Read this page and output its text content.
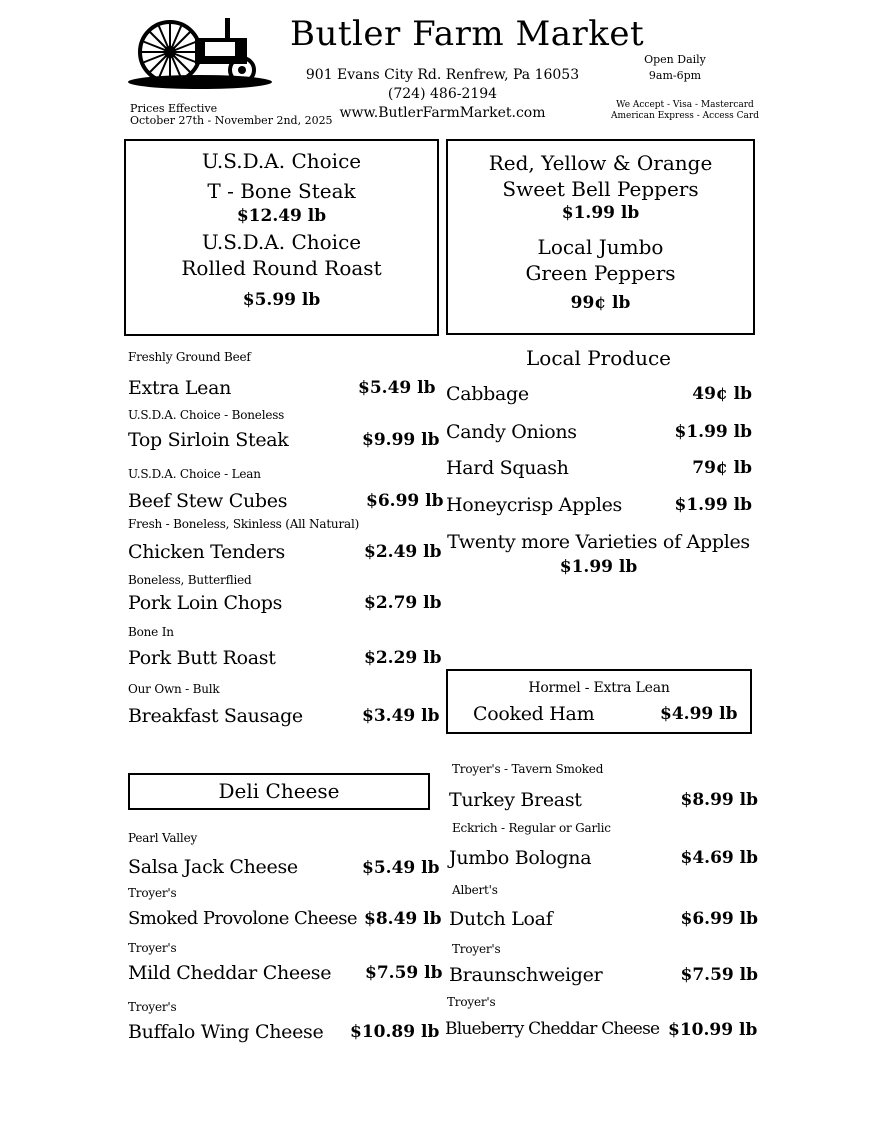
Butler Farm Market
901 Evans City Rd. Renfrew, Pa 16053
(724) 486-2194
www.ButlerFarmMarket.com
Open Daily
9am-6pm
We Accept - Visa - Mastercard
American Express - Access Card
Prices Effective
October 27th - November 2nd, 2025
U.S.D.A. Choice
T - Bone Steak
$12.49 lb
U.S.D.A. Choice
Rolled Round Roast
$5.99 lb
Red, Yellow & Orange
Sweet Bell Peppers
$1.99 lb
Local Jumbo
Green Peppers
99¢ lb
Freshly Ground Beef
Extra Lean	$5.49 lb
U.S.D.A. Choice - Boneless
Top Sirloin Steak	$9.99 lb
U.S.D.A. Choice - Lean
Beef Stew Cubes	$6.99 lb
Fresh - Boneless, Skinless (All Natural)
Chicken Tenders	$2.49 lb
Boneless, Butterflied
Pork Loin Chops	$2.79 lb
Bone In
Pork Butt Roast	$2.29 lb
Our Own - Bulk
Breakfast Sausage	$3.49 lb
Local Produce
Cabbage	49¢ lb
Candy Onions	$1.99 lb
Hard Squash	79¢ lb
Honeycrisp Apples	$1.99 lb
Twenty more Varieties of Apples
$1.99 lb
Hormel - Extra Lean
Cooked Ham	$4.99 lb
Deli Cheese
Pearl Valley
Salsa Jack Cheese	$5.49 lb
Troyer's
Smoked Provolone Cheese $8.49 lb
Troyer's
Mild Cheddar Cheese $7.59 lb
Troyer's
Buffalo Wing Cheese $10.89 lb
Troyer's - Tavern Smoked
Turkey Breast	$8.99 lb
Eckrich - Regular or Garlic
Jumbo Bologna	$4.69 lb
Albert's
Dutch Loaf	$6.99 lb
Troyer's
Braunschweiger	$7.59 lb
Troyer's
Blueberry Cheddar Cheese $10.99 lb
